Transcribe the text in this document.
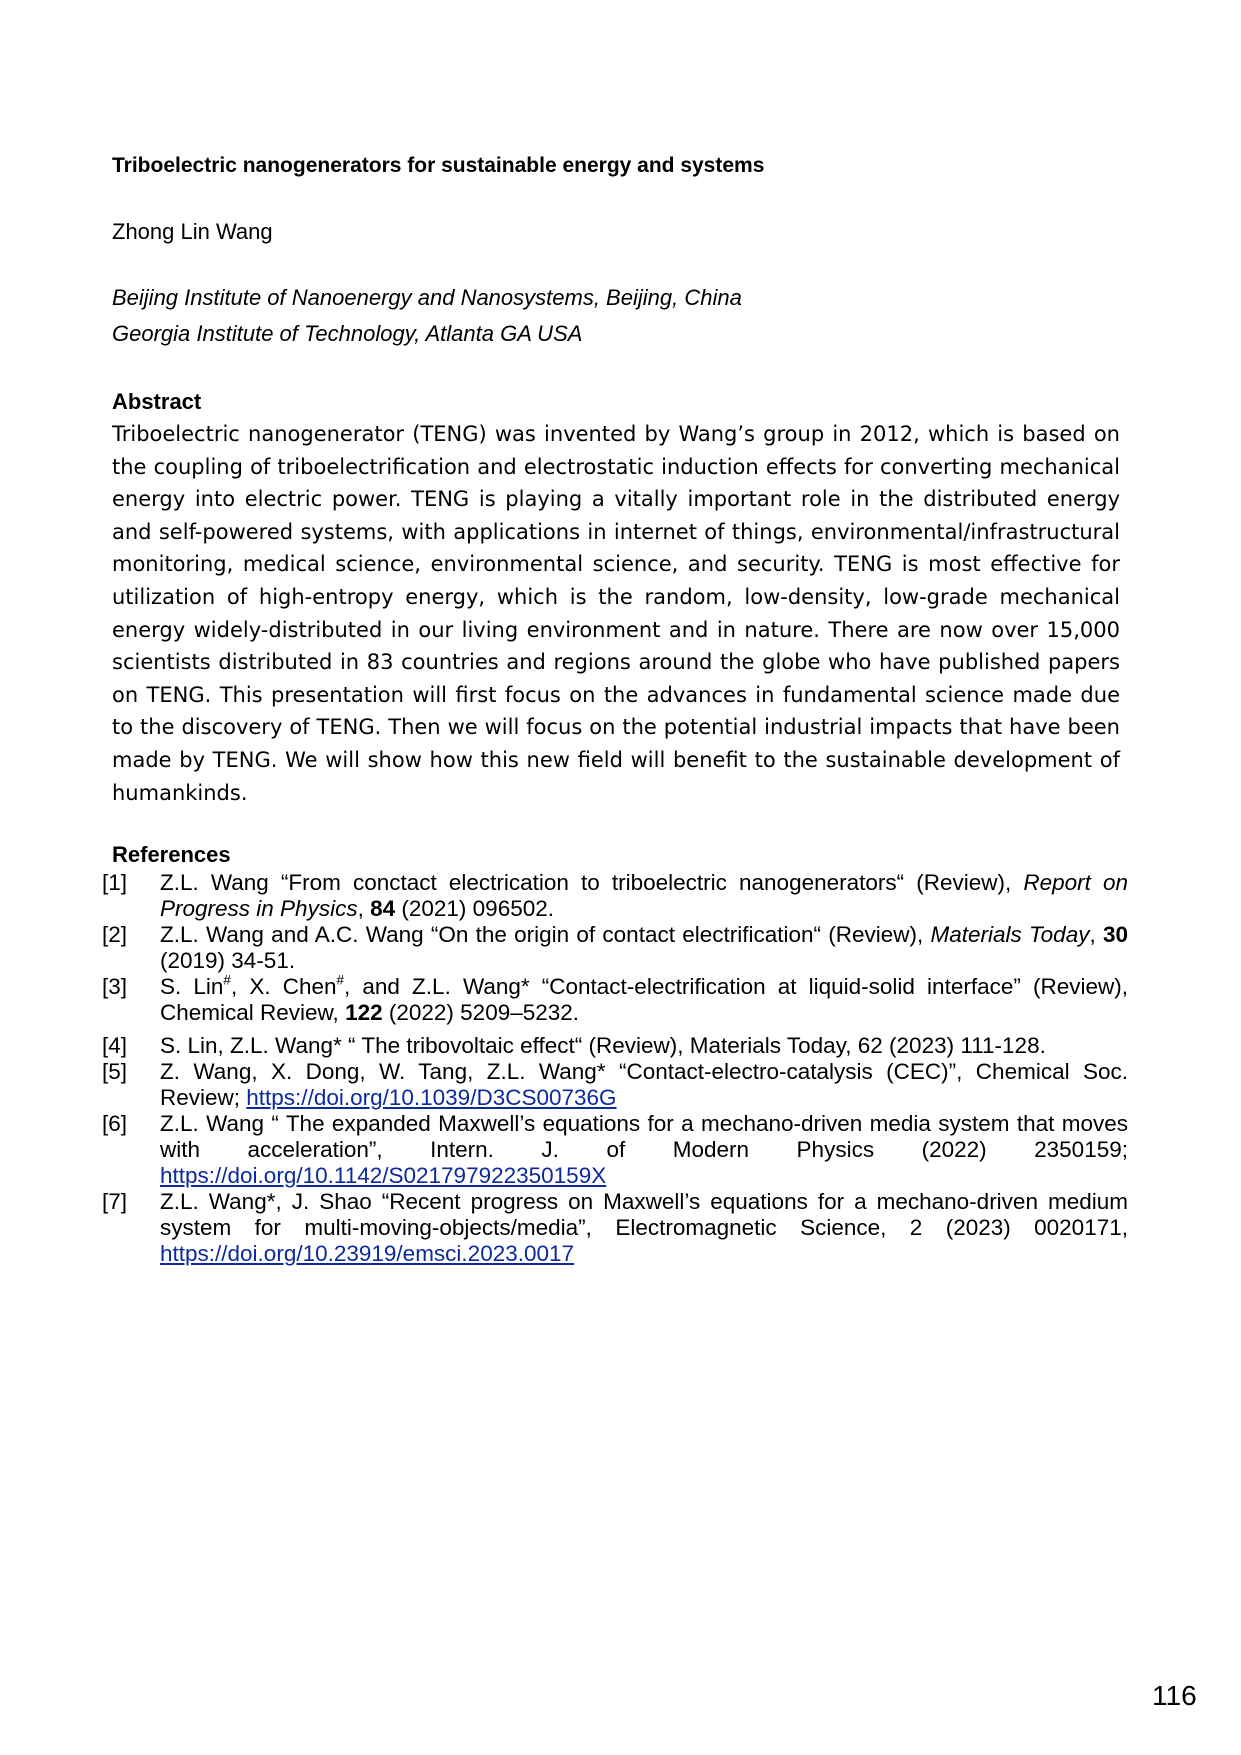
Triboelectric nanogenerators for sustainable energy and systems
Zhong Lin Wang
Beijing Institute of Nanoenergy and Nanosystems, Beijing, China
Georgia Institute of Technology, Atlanta GA USA
Abstract
Triboelectric nanogenerator (TENG) was invented by Wang’s group in 2012, which is based on the coupling of triboelectrification and electrostatic induction effects for converting mechanical energy into electric power. TENG is playing a vitally important role in the distributed energy and self-powered systems, with applications in internet of things, environmental/infrastructural monitoring, medical science, environmental science, and security. TENG is most effective for utilization of high-entropy energy, which is the random, low-density, low-grade mechanical energy widely-distributed in our living environment and in nature. There are now over 15,000 scientists distributed in 83 countries and regions around the globe who have published papers on TENG. This presentation will first focus on the advances in fundamental science made due to the discovery of TENG. Then we will focus on the potential industrial impacts that have been made by TENG. We will show how this new field will benefit to the sustainable development of humankinds.
References
[1] Z.L. Wang “From conctact electrication to triboelectric nanogenerators“ (Review), Report on Progress in Physics, 84 (2021) 096502.
[2] Z.L. Wang and A.C. Wang “On the origin of contact electrification“ (Review), Materials Today, 30 (2019) 34-51.
[3] S. Lin#, X. Chen#, and Z.L. Wang* “Contact-electrification at liquid-solid interface” (Review), Chemical Review, 122 (2022) 5209–5232.
[4] S. Lin, Z.L. Wang* “ The tribovoltaic effect“ (Review), Materials Today, 62 (2023) 111-128.
[5] Z. Wang, X. Dong, W. Tang, Z.L. Wang* “Contact-electro-catalysis (CEC)”, Chemical Soc. Review; https://doi.org/10.1039/D3CS00736G
[6] Z.L. Wang “ The expanded Maxwell’s equations for a mechano-driven media system that moves with acceleration”, Intern. J. of Modern Physics (2022) 2350159; https://doi.org/10.1142/S021797922350159X
[7] Z.L. Wang*, J. Shao “Recent progress on Maxwell’s equations for a mechano-driven medium system for multi-moving-objects/media”, Electromagnetic Science, 2 (2023) 0020171, https://doi.org/10.23919/emsci.2023.0017
116
